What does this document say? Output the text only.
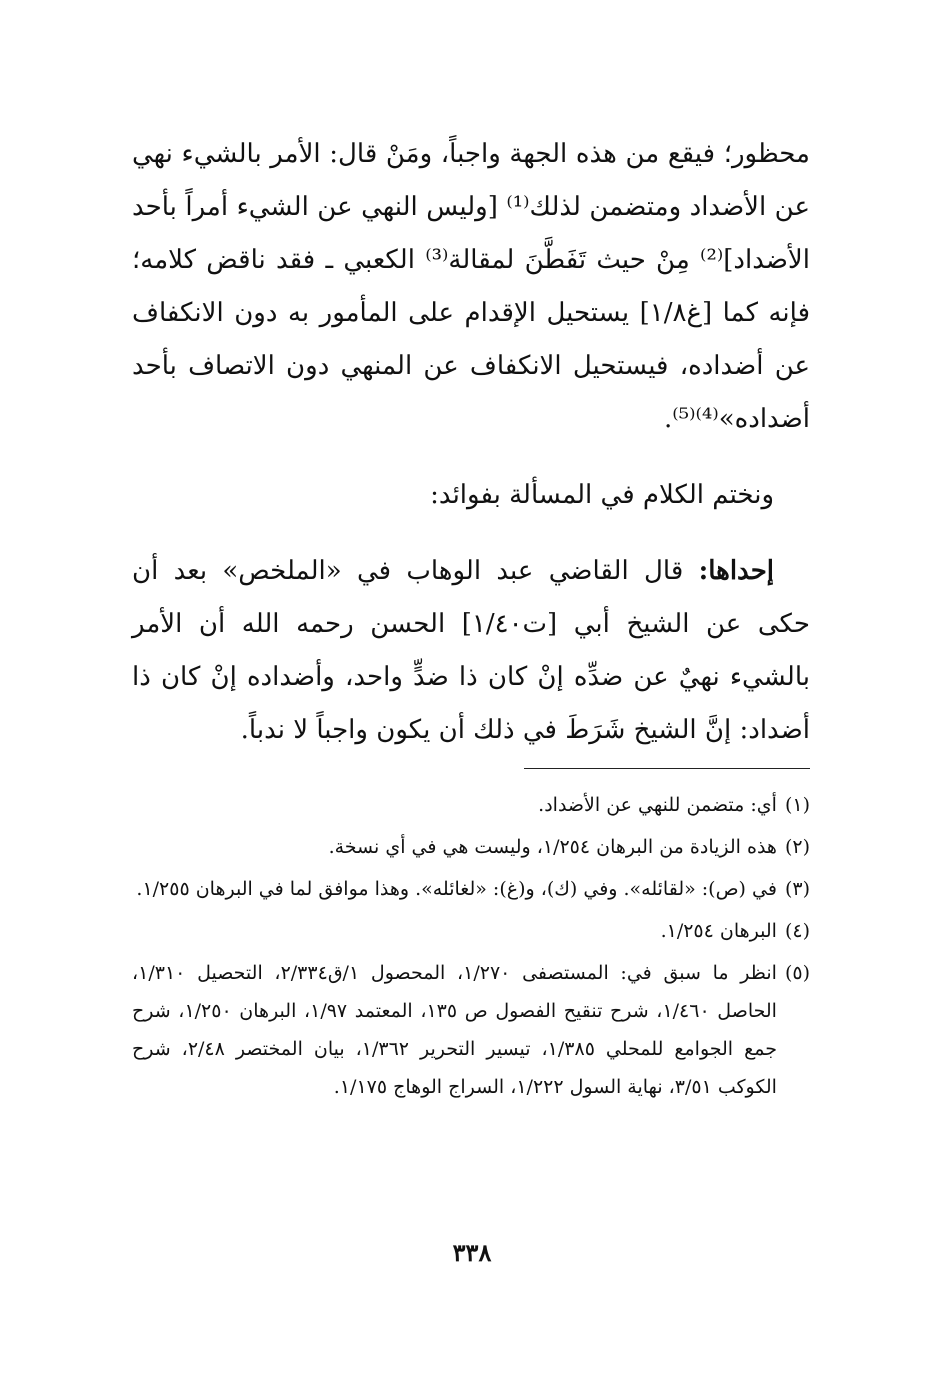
محظور؛ فيقع من هذه الجهة واجباً، ومَنْ قال: الأمر بالشيء نهي عن الأضداد ومتضمن لذلك⁽¹⁾ [وليس النهي عن الشيء أمراً بأحد الأضداد]⁽²⁾ مِنْ حيث تَفَطَّنَ لمقالة⁽³⁾ الكعبي ـ فقد ناقض كلامه؛ فإنه كما [غ١/٨] يستحيل الإقدام على المأمور به دون الانكفاف عن أضداده، فيستحيل الانكفاف عن المنهي دون الاتصاف بأحد أضداده»⁽⁴⁾⁽⁵⁾.

ونختم الكلام في المسألة بفوائد:

إحداها: قال القاضي عبد الوهاب في «الملخص» بعد أن حكى عن الشيخ أبي [ت١/٤٠] الحسن رحمه الله أن الأمر بالشيء نهيٌ عن ضدِّه إنْ كان ذا ضدٍّ واحد، وأضداده إنْ كان ذا أضداد: إنَّ الشيخ شَرَطَ في ذلك أن يكون واجباً لا ندباً.

(١)
أي: متضمن للنهي عن الأضداد.
(٢)
هذه الزيادة من البرهان ١/٢٥٤، وليست هي في أي نسخة.
(٣)
في (ص): «لقائله». وفي (ك)، و(غ): «لغائله». وهذا موافق لما في البرهان ١/٢٥٥.
(٤)
البرهان ١/٢٥٤.
(٥)
انظر ما سبق في: المستصفى ١/٢٧٠، المحصول ١/ق٢/٣٣٤، التحصيل ١/٣١٠، الحاصل ١/٤٦٠، شرح تنقيح الفصول ص ١٣٥، المعتمد ١/٩٧، البرهان ١/٢٥٠، شرح جمع الجوامع للمحلي ١/٣٨٥، تيسير التحرير ١/٣٦٢، بيان المختصر ٢/٤٨، شرح الكوكب ٣/٥١، نهاية السول ١/٢٢٢، السراج الوهاج ١/١٧٥.
٣٣٨
